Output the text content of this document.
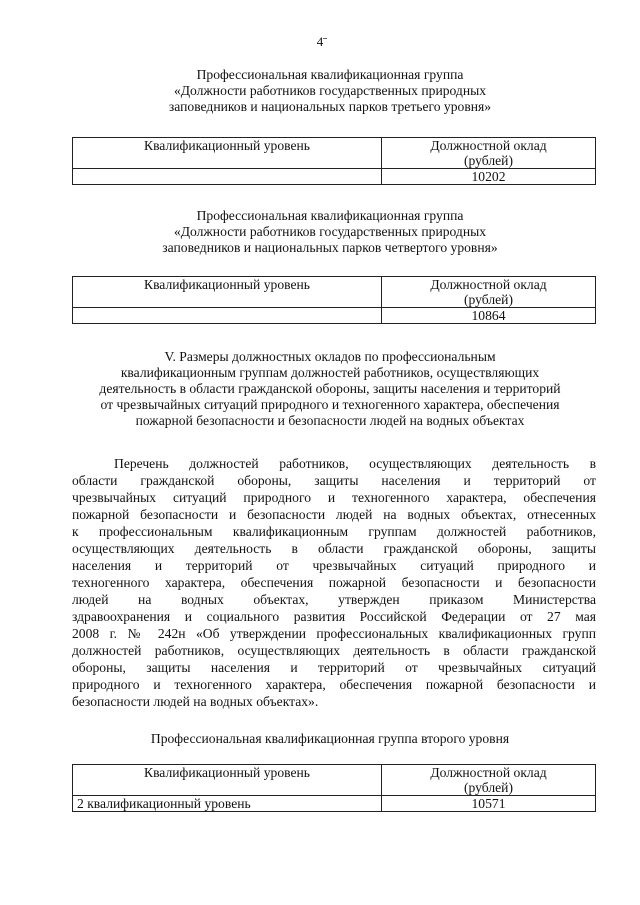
4
Профессиональная квалификационная группа
«Должности работников государственных природных
заповедников и национальных парков третьего уровня»
Квалификационный уровень	Должностной оклад
(рублей)

	10202
Профессиональная квалификационная группа
«Должности работников государственных природных
заповедников и национальных парков четвертого уровня»
Квалификационный уровень	Должностной оклад
(рублей)

	10864
V. Размеры должностных окладов по профессиональным
квалификационным группам должностей работников, осуществляющих
деятельность в области гражданской обороны, защиты населения и территорий
от чрезвычайных ситуаций природного и техногенного характера, обеспечения
пожарной безопасности и безопасности людей на водных объектах
Перечень должностей работников, осуществляющих деятельность в
области гражданской обороны, защиты населения и территорий от
чрезвычайных ситуаций природного и техногенного характера, обеспечения
пожарной безопасности и безопасности людей на водных объектах, отнесенных
к профессиональным квалификационным группам должностей работников,
осуществляющих деятельность в области гражданской обороны, защиты
населения и территорий от чрезвычайных ситуаций природного и
техногенного характера, обеспечения пожарной безопасности и безопасности
людей на водных объектах, утвержден приказом Министерства
здравоохранения и социального развития Российской Федерации от 27 мая
2008 г. № 242н «Об утверждении профессиональных квалификационных групп
должностей работников, осуществляющих деятельность в области гражданской
обороны, защиты населения и территорий от чрезвычайных ситуаций
природного и техногенного характера, обеспечения пожарной безопасности и
безопасности людей на водных объектах».
Профессиональная квалификационная группа второго уровня
Квалификационный уровень	Должностной оклад
(рублей)

2 квалификационный уровень	10571
